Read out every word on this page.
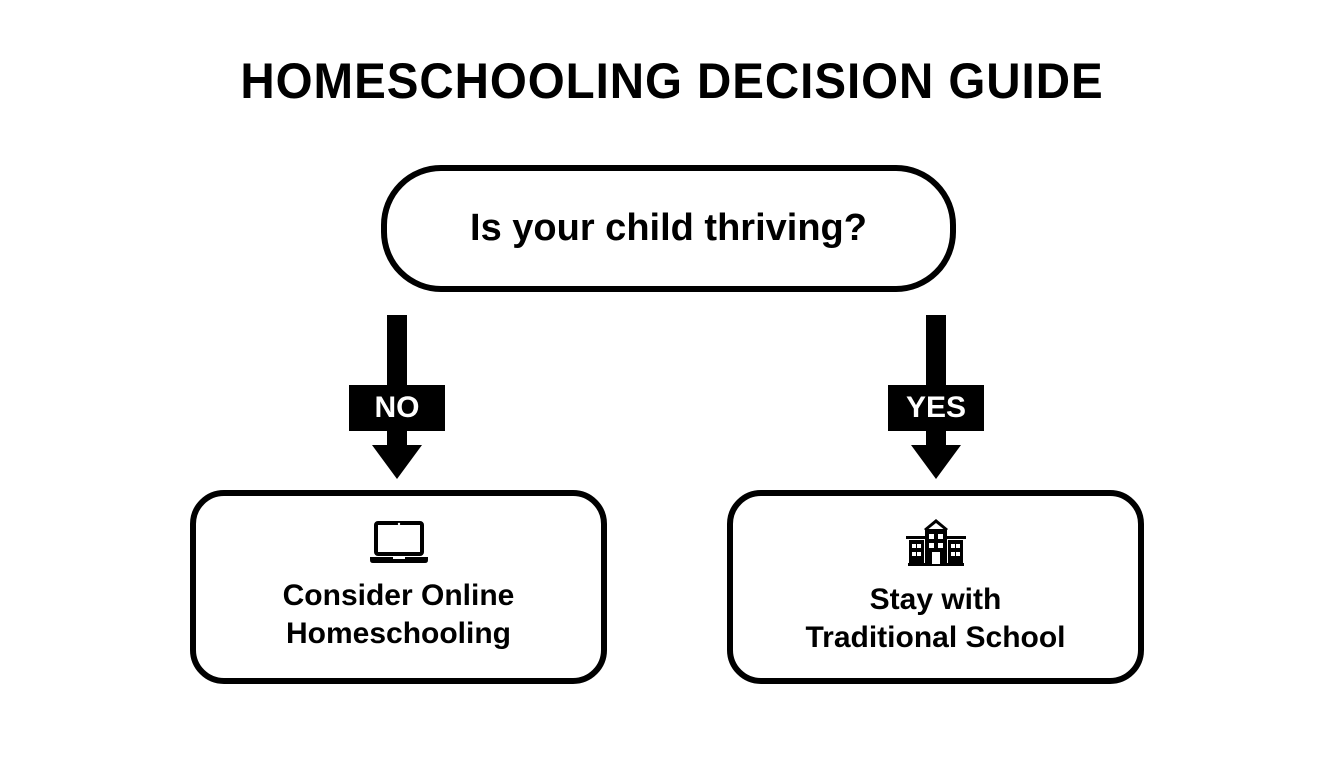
HOMESCHOOLING DECISION GUIDE
Is your child thriving?
NO	YES
Consider Online
Homeschooling
Stay with
Traditional School
